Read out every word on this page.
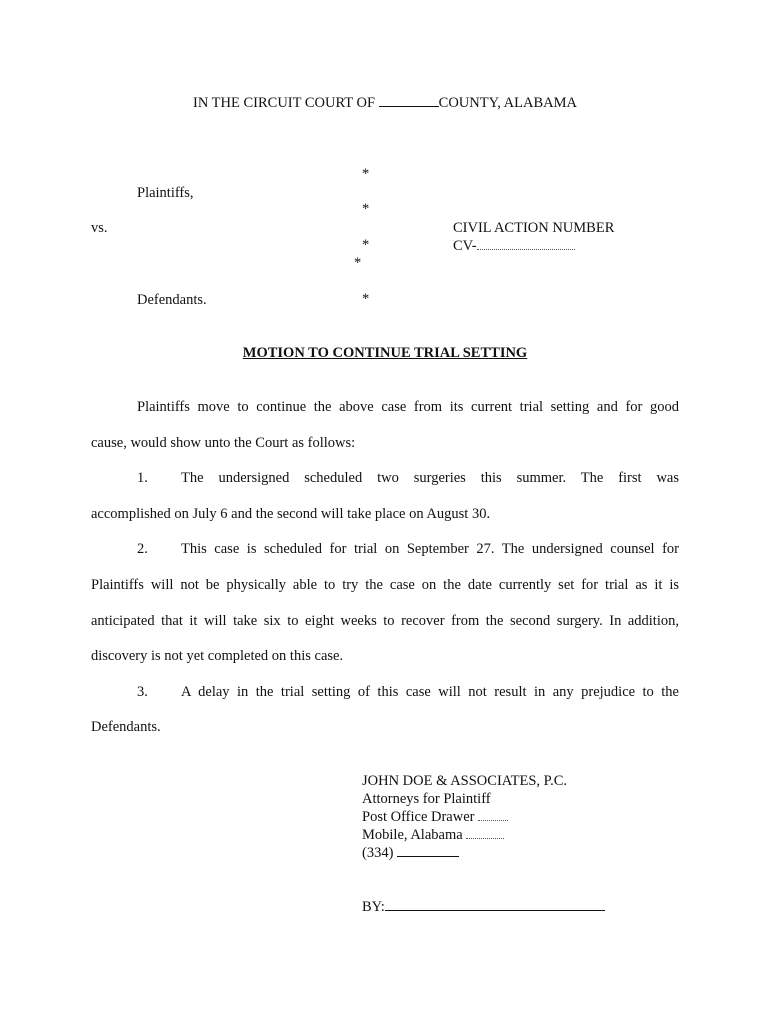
IN THE CIRCUIT COURT OF	COUNTY, ALABAMA
*
*
*
*
*
Plaintiffs,
vs.
Defendants.
CIVIL ACTION NUMBER
CV-
MOTION TO CONTINUE TRIAL SETTING
Plaintiffs move to continue the above case from its current trial setting and for good
cause, would show unto the Court as follows:
1. The undersigned scheduled two surgeries this summer. The first was
accomplished on July 6 and the second will take place on August 30.
2. This case is scheduled for trial on September 27. The undersigned counsel for
Plaintiffs will not be physically able to try the case on the date currently set for trial as it is
anticipated that it will take six to eight weeks to recover from the second surgery. In addition,
discovery is not yet completed on this case.
3. A delay in the trial setting of this case will not result in any prejudice to the
Defendants.
JOHN DOE & ASSOCIATES, P.C.
Attorneys for Plaintiff
Post Office Drawer
Mobile, Alabama
(334)
BY:
